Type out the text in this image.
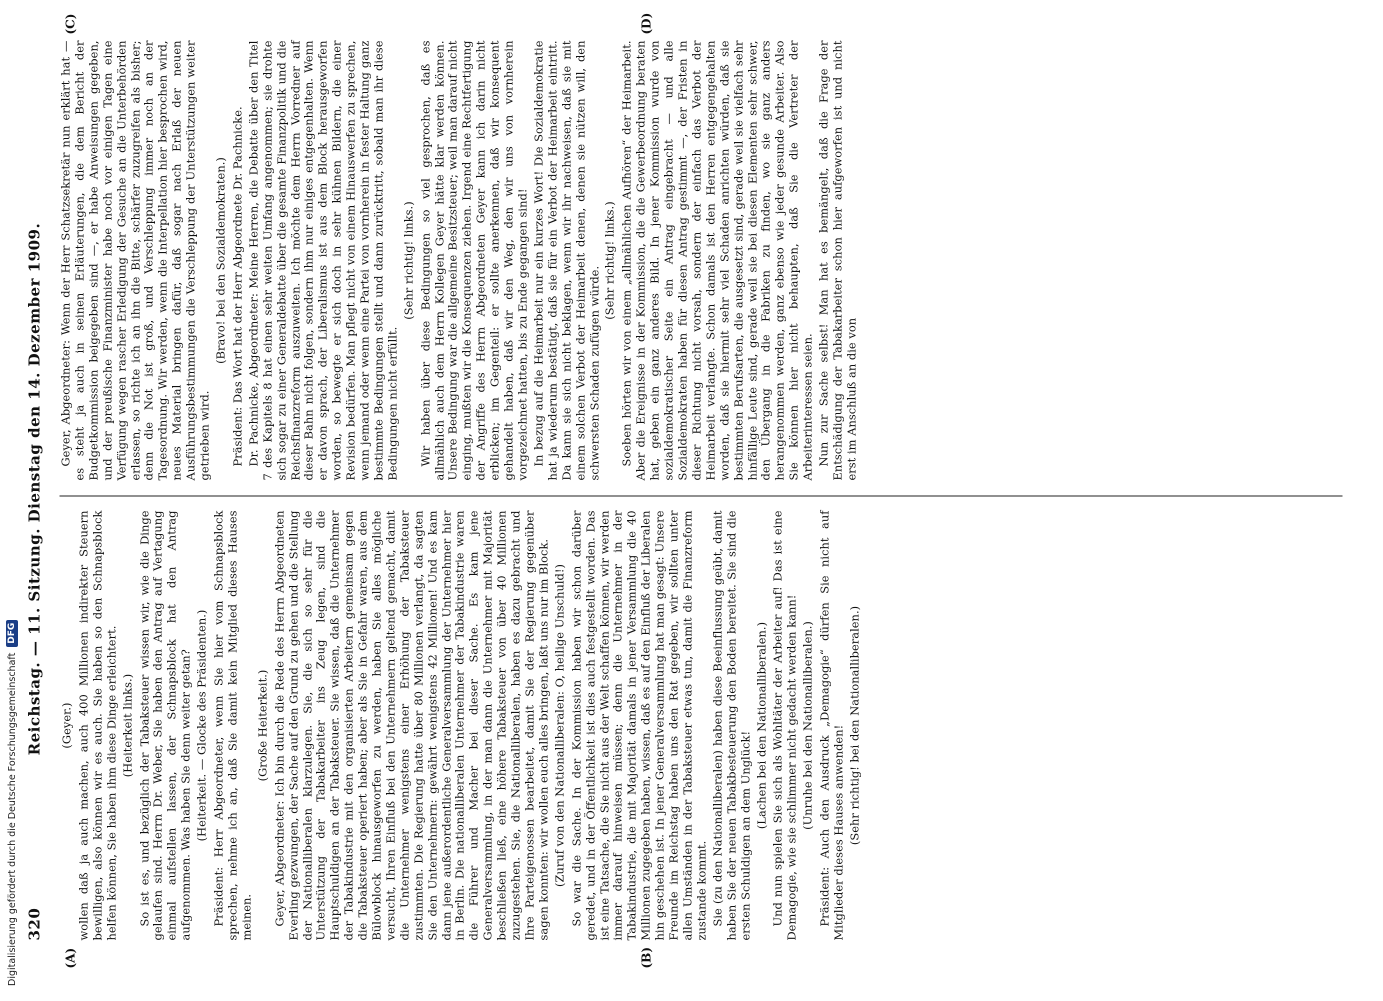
320
Reichstag. — 11. Sitzung. Dienstag den 14. Dezember 1909.
(A)	(B)
(C)	(D)

(Geyer.) wollen daß ja auch machen, auch 400 Millionen indirekter Steuern bewilligen, also können wir es auch. Sie haben so den Schnapsblock helfen können, Sie haben ihm diese Dinge erleichtert. (Heiterkeit links.) So ist es, und bezüglich der Tabaksteuer wissen wir, wie die Dinge gelaufen sind. Herrn Dr. Weber, Sie haben den Antrag auf Vertagung einmal aufstellen lassen, der Schnapsblock hat den Antrag aufgenommen. Was haben Sie denn weiter getan? (Heiterkeit. — Glocke des Präsidenten.) Präsident: Herr Abgeordneter, wenn Sie hier vom Schnapsblock sprechen, nehme ich an, daß Sie damit kein Mitglied dieses Hauses meinen.

(Große Heiterkeit.) Geyer, Abgeordneter: Ich bin durch die Rede des Herrn Abgeordneten Everling gezwungen, der Sache auf den Grund zu gehen und die Stellung der Nationalliberalen klarzulegen. Sie, die sich so sehr für die Unterstützung der Tabakarbeiter ins Zeug legen, sind die Hauptschuldigen an der Tabaksteuer. Sie wissen, daß die Unternehmer der Tabakindustrie mit den organisierten Arbeitern gemeinsam gegen die Tabaksteuer operiert haben; aber als Sie in Gefahr waren, aus dem Bülowblock hinausgeworfen zu werden, haben Sie alles mögliche versucht, Ihren Einfluß bei den Unternehmern geltend gemacht, damit die Unternehmer wenigstens einer Erhöhung der Tabaksteuer zustimmten. Die Regierung hatte über 80 Millionen verlangt, da sagten Sie den Unternehmern: gewährt wenigstens 42 Millionen! Und es kam dann jene außerordentliche Generalversammlung der Unternehmer hier in Berlin. Die nationalliberalen Unternehmer der Tabakindustrie waren die Führer und Macher bei dieser Sache. Es kam jene Generalversammlung, in der man dann die Unternehmer mit Majorität beschließen ließ, eine höhere Tabaksteuer von über 40 Millionen zuzugestehen. Sie, die Nationalliberalen, haben es dazu gebracht und Ihre Parteigenossen bearbeitet, damit Sie der Regierung gegenüber sagen konnten: wir wollen euch alles bringen, laßt uns nur im Block. (Zuruf von den Nationalliberalen: O, heilige Unschuld!) So war die Sache. In der Kommission haben wir schon darüber geredet, und in der Öffentlichkeit ist dies auch festgestellt worden. Das ist eine Tatsache, die Sie nicht aus der Welt schaffen können, wir werden immer darauf hinweisen müssen; denn die Unternehmer in der Tabakindustrie, die mit Majorität damals in jener Versammlung die 40 Millionen zugegeben haben, wissen, daß es auf den Einfluß der Liberalen hin geschehen ist. In jener Generalversammlung hat man gesagt: Unsere Freunde im Reichstag haben uns den Rat gegeben, wir sollten unter allen Umständen in der Tabaksteuer etwas tun, damit die Finanzreform zustande kommt. Sie (zu den Nationalliberalen) haben diese Beeinflussung geübt, damit haben Sie der neuen Tabakbesteuerung den Boden bereitet. Sie sind die ersten Schuldigen an dem Unglück!

(Lachen bei den Nationalliberalen.) Und nun spielen Sie sich als Wohltäter der Arbeiter auf! Das ist eine Demagogie, wie sie schlimmer nicht gedacht werden kann! (Unruhe bei den Nationalliberalen.) Präsident: Auch den Ausdruck „Demagogie“ dürfen Sie nicht auf Mitglieder dieses Hauses anwenden! (Sehr richtig! bei den Nationalliberalen.)

Geyer, Abgeordneter: Wenn der Herr Schatzsekretär nun erklärt hat — es steht ja auch in seinen Erläuterungen, die dem Bericht der Budgetkommission beigegeben sind —, er habe Anweisungen gegeben, und der preußische Finanzminister habe noch vor einigen Tagen eine Verfügung wegen rascher Erledigung der Gesuche an die Unterbehörden erlassen, so richte ich an ihn die Bitte, schärfer zuzugreifen als bisher; denn die Not ist groß, und Verschleppung immer noch an der Tagesordnung. Wir werden, wenn die Interpellation hier besprochen wird, neues Material bringen dafür, daß sogar nach Erlaß der neuen Ausführungsbestimmungen die Verschleppung der Unterstützungen weiter getrieben wird.

(Bravo! bei den Sozialdemokraten.) Präsident: Das Wort hat der Herr Abgeordnete Dr. Pachnicke. Dr. Pachnicke, Abgeordneter: Meine Herren, die Debatte über den Titel 7 des Kapitels 8 hat einen sehr weiten Umfang angenommen; sie drohte sich sogar zu einer Generaldebatte über die gesamte Finanzpolitik und die Reichsfinanzreform auszuweiten. Ich möchte dem Herrn Vorredner auf dieser Bahn nicht folgen, sondern ihm nur einiges entgegenhalten. Wenn er davon sprach, der Liberalismus ist aus dem Block herausgeworfen worden, so bewegte er sich doch in sehr kühnen Bildern, die einer Revision bedürfen. Man pflegt nicht von einem Hinauswerfen zu sprechen, wenn jemand oder wenn eine Partei von vornherein in fester Haltung ganz bestimmte Bedingungen stellt und dann zurücktritt, sobald man ihr diese Bedingungen nicht erfüllt.

(Sehr richtig! links.) Wir haben über diese Bedingungen so viel gesprochen, daß es allmählich auch dem Herrn Kollegen Geyer hätte klar werden können. Unsere Bedingung war die allgemeine Besitzsteuer; weil man darauf nicht einging, mußten wir die Konsequenzen ziehen. Irgend eine Rechtfertigung der Angriffe des Herrn Abgeordneten Geyer kann ich darin nicht erblicken; im Gegenteil: er sollte anerkennen, daß wir konsequent gehandelt haben, daß wir den Weg, den wir uns von vornherein vorgezeichnet hatten, bis zu Ende gegangen sind! In bezug auf die Heimarbeit nur ein kurzes Wort! Die Sozialdemokratie hat ja wiederum bestätigt, daß sie für ein Verbot der Heimarbeit eintritt. Da kann sie sich nicht beklagen, wenn wir ihr nachweisen, daß sie mit einem solchen Verbot der Heimarbeit denen, denen sie nützen will, den schwersten Schaden zufügen würde.

(Sehr richtig! links.) Soeben hörten wir von einem „allmählichen Aufhören“ der Heimarbeit. Aber die Ereignisse in der Kommission, die die Gewerbeordnung beraten hat, geben ein ganz anderes Bild. In jener Kommission wurde von sozialdemokratischer Seite ein Antrag eingebracht — und alle Sozialdemokraten haben für diesen Antrag gestimmt —, der Fristen in dieser Richtung nicht vorsah, sondern der einfach das Verbot der Heimarbeit verlangte. Schon damals ist den Herren entgegengehalten worden, daß sie hiermit sehr viel Schaden anrichten würden, daß sie bestimmten Berufsarten, die ausgesetzt sind, gerade weil sie vielfach sehr hinfällige Leute sind, gerade weil sie bei diesen Elementen sehr schwer, den Übergang in die Fabriken zu finden, wo sie ganz anders herangenommen werden, ganz ebenso wie jeder gesunde Arbeiter. Also Sie können hier nicht behaupten, daß Sie die Vertreter der Arbeiterinteressen seien. Nun zur Sache selbst! Man hat es bemängelt, daß die Frage der Entschädigung der Tabakarbeiter schon hier aufgeworfen ist und nicht erst im Anschluß an die von

Digitalisierung gefördert durch die Deutsche Forschungsgemeinschaft
DFG
